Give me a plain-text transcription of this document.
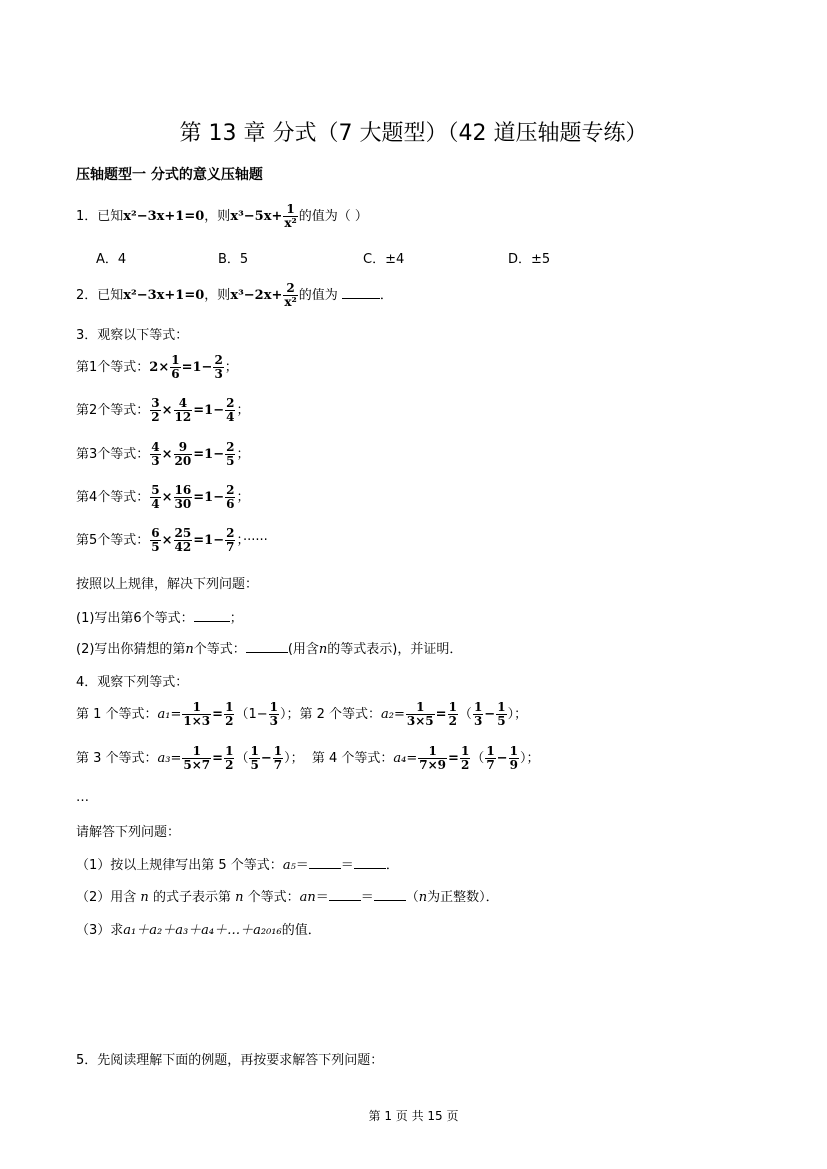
第 13 章 分式（7 大题型）（42 道压轴题专练）
压轴题型一 分式的意义压轴题
1．已知x²−3x+1=0，则$x^3-5x+ \frac{1}{\text{x²}}$ 的值为（ ）
A．4	B．5	C．±4	D．±5
2．已知x²−3x+1=0，则$x^3-2x+ \frac{2}{\text{x²}}$ 的值为	．
3．观察以下等式：
第1个等式：$2\times \frac{1}{6} =1- \frac{2}{3}$ ；
第2个等式： $\frac{3}{2} \times \frac{4}{12} =1- \frac{2}{4}$ ；
第3个等式： $\frac{4}{3} \times \frac{9}{20} =1- \frac{2}{5}$ ；
第4个等式： $\frac{5}{4} \times \frac{16}{30} =1- \frac{2}{6}$ ；
第5个等式： $\frac{6}{5} \times \frac{25}{42} =1- \frac{2}{7}$ ；······
按照以上规律，解决下列问题：
(1)写出第6个等式：	；
(2)写出你猜想的第n个等式：	(用含n的等式表示)，并证明．
4．观察下列等式：
第 1 个等式：$a_1= \frac{1}{1\times 3} = \frac{1}{2} (1- \frac{1}{3}$ ）；第 2 个等式：$a_2= \frac{1}{3\times 5} = \frac{1}{2}$ （ $\frac{1}{3} - \frac{1}{5}$ ）；
第 3 个等式：$a_3= \frac{1}{5\times 7} = \frac{1}{2}$ （ $\frac{1}{5} - \frac{1}{7}$ ）； 第 4 个等式：$a_4= \frac{1}{7\times 9} = \frac{1}{2}$ （ $\frac{1}{7} - \frac{1}{9}$ ）；
…
请解答下列问题：
（1）按以上规律写出第 5 个等式：a₅＝ ＝ ．
（2）用含 n 的式子表示第 n 个等式：an＝ ＝ （n为正整数）．
（3）求a₁＋a₂＋a₃＋a₄＋…＋a₂₀₁₆的值．
5．先阅读理解下面的例题，再按要求解答下列问题：
第 1 页 共 15 页
